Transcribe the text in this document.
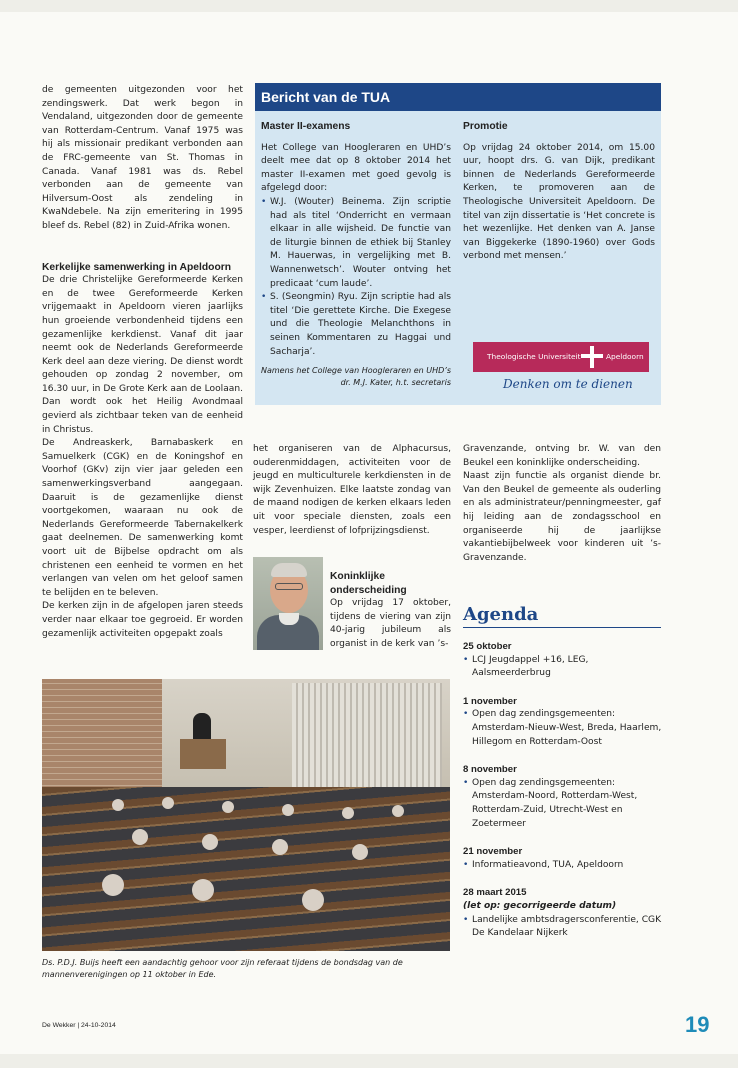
de gemeenten uitgezonden voor het zendingswerk. Dat werk begon in Vendaland, uitgezonden door de gemeente van Rotterdam-Centrum. Vanaf 1975 was hij als missionair predikant verbonden aan de FRC-gemeente van St. Thomas in Canada. Vanaf 1981 was ds. Rebel verbonden aan de gemeente van Hilversum-Oost als zendeling in KwaNdebele. Na zijn emeritering in 1995 bleef ds. Rebel (82) in Zuid-Afrika wonen.

Kerkelijke samenwerking in Apeldoorn

De drie Christelijke Gereformeerde Kerken en de twee Gereformeerde Kerken vrijgemaakt in Apeldoorn vieren jaarlijks hun groeiende verbondenheid tijdens een gezamenlijke kerkdienst. Vanaf dit jaar neemt ook de Nederlands Gereformeerde Kerk deel aan deze viering. De dienst wordt gehouden op zondag 2 november, om 16.30 uur, in De Grote Kerk aan de Loolaan. Dan wordt ook het Heilig Avondmaal gevierd als zichtbaar teken van de eenheid in Christus.

De Andreaskerk, Barnabaskerk en Samuelkerk (CGK) en de Koningshof en Voorhof (GKv) zijn vier jaar geleden een samenwerkingsverband aangegaan. Daaruit is de gezamenlijke dienst voortgekomen, waaraan nu ook de Nederlands Gereformeerde Tabernakelkerk gaat deelnemen. De samenwerking komt voort uit de Bijbelse opdracht om als christenen een eenheid te vormen en het verlangen van velen om het geloof samen te belijden en te beleven.

De kerken zijn in de afgelopen jaren steeds verder naar elkaar toe gegroeid. Er worden gezamenlijk activiteiten opgepakt zoals

Bericht van de TUA
Master II-examens

Het College van Hoogleraren en UHD’s deelt mee dat op 8 oktober 2014 het master II-examen met goed gevolg is afgelegd door:

• W.J. (Wouter) Beinema. Zijn scriptie had als titel ‘Onderricht en vermaan elkaar in alle wijsheid. De functie van de liturgie binnen de ethiek bij Stanley M. Hauerwas, in vergelijking met B. Wannenwetsch’. Wouter ontving het predicaat ‘cum laude’.
• S. (Seongmin) Ryu. Zijn scriptie had als titel ‘Die gerettete Kirche. Die Exegese und die Theologie Melanchthons in seinen Kommentaren zu Haggai und Sacharja’.
Namens het College van Hoogleraren en UHD’s
dr. M.J. Kater, h.t. secretaris
Promotie

Op vrijdag 24 oktober 2014, om 15.00 uur, hoopt drs. G. van Dijk, predikant binnen de Nederlands Gereformeerde Kerken, te promoveren aan de Theologische Universiteit Apeldoorn. De titel van zijn dissertatie is ‘Het concrete is het wezenlijke. Het denken van A. Janse van Biggekerke (1890-1960) over Gods verbond met mensen.’

Theologische Universiteit	Apeldoorn
Denken om te dienen

het organiseren van de Alphacursus, ouderenmiddagen, activiteiten voor de jeugd en multiculturele kerkdiensten in de wijk Zevenhuizen. Elke laatste zondag van de maand nodigen de kerken elkaars leden uit voor speciale diensten, zoals een vesper, leerdienst of lofprijzingsdienst.

Koninklijke
onderscheiding

Op vrijdag 17 oktober, tijdens de viering van zijn 40-jarig jubileum als organist in de kerk van ’s-

Gravenzande, ontving br. W. van den Beukel een koninklijke onderscheiding.

Naast zijn functie als organist diende br. Van den Beukel de gemeente als ouderling en als administrateur/penningmeester, gaf hij leiding aan de zondagsschool en organiseerde hij de jaarlijkse vakantiebijbelweek voor kinderen uit ’s-Gravenzande.

Ds. P.D.J. Buijs heeft een aandachtig gehoor voor zijn referaat tijdens de bondsdag van de mannenverenigingen op 11 oktober in Ede.
Agenda
25 oktober
• LCJ Jeugdappel +16, LEG, Aalsmeerderbrug
1 november
• Open dag zendingsgemeenten: Amsterdam-Nieuw-West, Breda, Haarlem, Hillegom en Rotterdam-Oost
8 november
• Open dag zendingsgemeenten: Amsterdam-Noord, Rotterdam-West, Rotterdam-Zuid, Utrecht-West en Zoetermeer
21 november
• Informatieavond, TUA, Apeldoorn
28 maart 2015
(let op: gecorrigeerde datum)
• Landelijke ambtsdragersconferentie, CGK De Kandelaar Nijkerk
De Wekker | 24-10-2014	19
